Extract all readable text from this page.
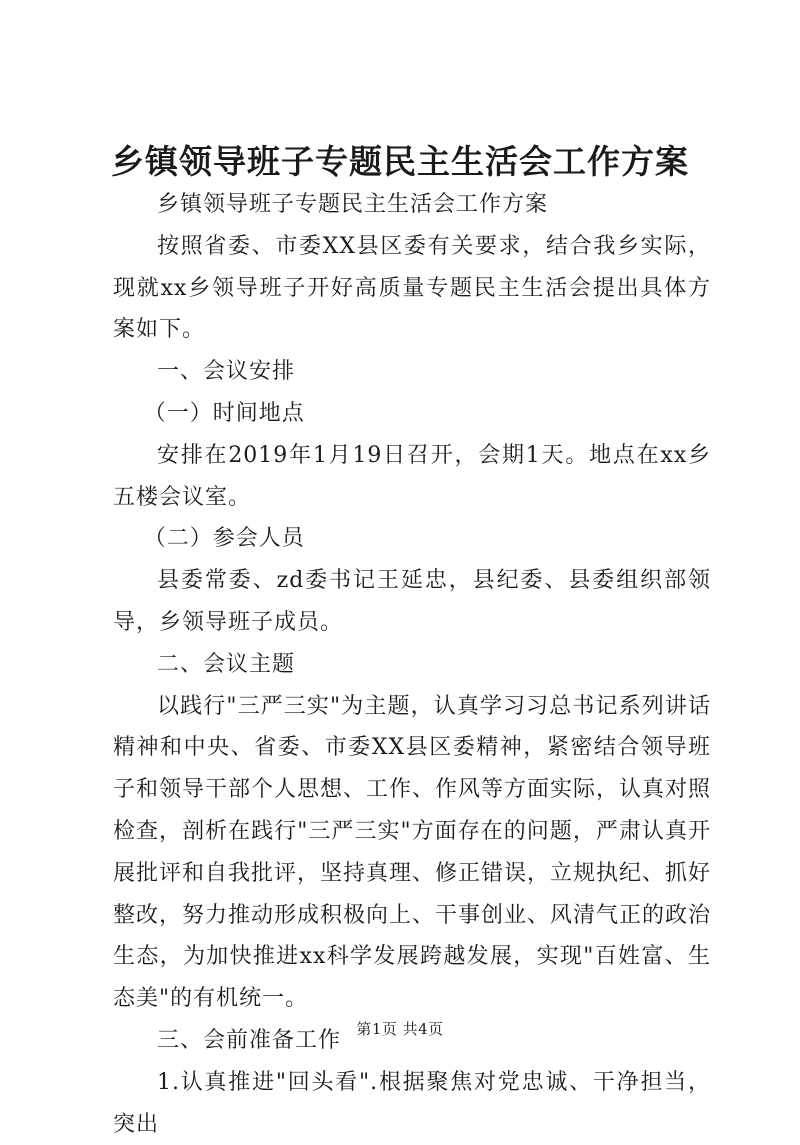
乡镇领导班子专题民主生活会工作方案

乡镇领导班子专题民主生活会工作方案

按照省委、市委XX县区委有关要求，结合我乡实际，现就xx乡领导班子开好高质量专题民主生活会提出具体方案如下。

一、会议安排

（一）时间地点

安排在2019年1月19日召开，会期1天。地点在xx乡五楼会议室。

（二）参会人员

县委常委、zd委书记王延忠，县纪委、县委组织部领导，乡领导班子成员。

二、会议主题

以践行"三严三实"为主题，认真学习习总书记系列讲话精神和中央、省委、市委XX县区委精神，紧密结合领导班子和领导干部个人思想、工作、作风等方面实际，认真对照检查，剖析在践行"三严三实"方面存在的问题，严肃认真开展批评和自我批评，坚持真理、修正错误，立规执纪、抓好整改，努力推动形成积极向上、干事创业、风清气正的政治生态，为加快推进xx科学发展跨越发展，实现"百姓富、生态美"的有机统一。

三、会前准备工作

1.认真推进"回头看".根据聚焦对党忠诚、干净担当，突出

第1页 共4页
